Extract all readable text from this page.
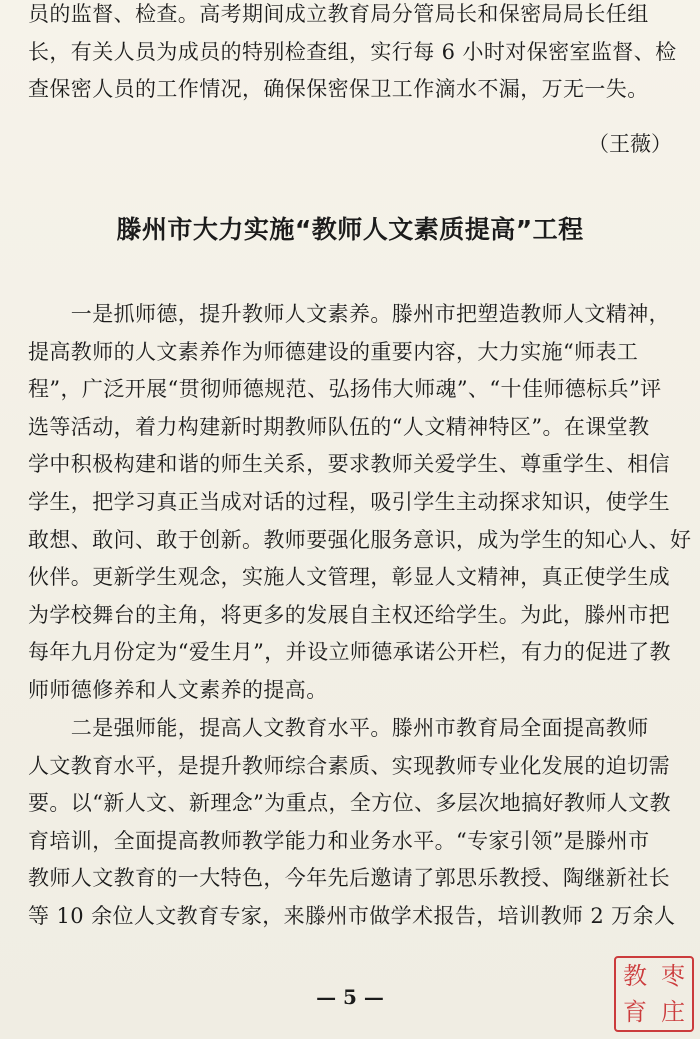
员的监督、检查。高考期间成立教育局分管局长和保密局局长任组
长，有关人员为成员的特别检查组，实行每 6 小时对保密室监督、检
查保密人员的工作情况，确保保密保卫工作滴水不漏，万无一失。

（王薇）
滕州市大力实施“教师人文素质提高”工程

　　一是抓师德，提升教师人文素养。滕州市把塑造教师人文精神，
提高教师的人文素养作为师德建设的重要内容，大力实施“师表工
程”，广泛开展“贯彻师德规范、弘扬伟大师魂”、“十佳师德标兵”评
选等活动，着力构建新时期教师队伍的“人文精神特区”。在课堂教
学中积极构建和谐的师生关系，要求教师关爱学生、尊重学生、相信
学生，把学习真正当成对话的过程，吸引学生主动探求知识，使学生
敢想、敢问、敢于创新。教师要强化服务意识，成为学生的知心人、好
伙伴。更新学生观念，实施人文管理，彰显人文精神，真正使学生成
为学校舞台的主角，将更多的发展自主权还给学生。为此，滕州市把
每年九月份定为“爱生月”，并设立师德承诺公开栏，有力的促进了教
师师德修养和人文素养的提高。

　　二是强师能，提高人文教育水平。滕州市教育局全面提高教师
人文教育水平，是提升教师综合素质、实现教师专业化发展的迫切需
要。以“新人文、新理念”为重点，全方位、多层次地搞好教师人文教
育培训，全面提高教师教学能力和业务水平。“专家引领”是滕州市
教师人文教育的一大特色，今年先后邀请了郭思乐教授、陶继新社长
等 10 余位人文教育专家，来滕州市做学术报告，培训教师 2 万余人

— 5 —
教 枣
育 庄
